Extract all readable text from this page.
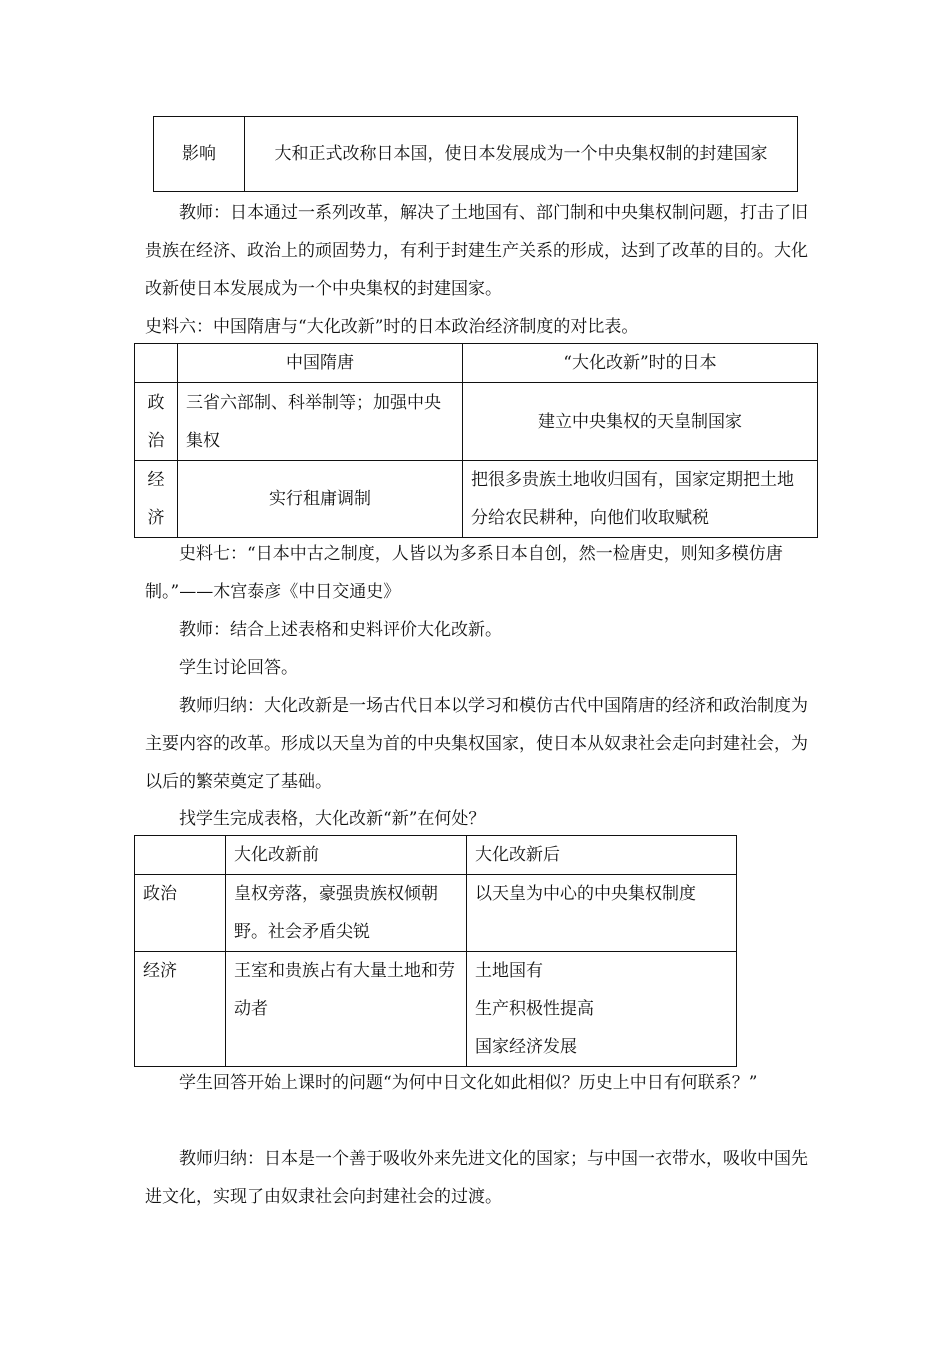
影响	大和正式改称日本国，使日本发展成为一个中央集权制的封建国家

教师：日本通过一系列改革，解决了土地国有、部门制和中央集权制问题，打击了旧贵族在经济、政治上的顽固势力，有利于封建生产关系的形成，达到了改革的目的。大化改新使日本发展成为一个中央集权的封建国家。

史料六：中国隋唐与“大化改新”时的日本政治经济制度的对比表。

	中国隋唐	“大化改新”时的日本
政治	三省六部制、科举制等；加强中央集权	建立中央集权的天皇制国家
经济	实行租庸调制	把很多贵族土地收归国有，国家定期把土地分给农民耕种，向他们收取赋税

史料七：“日本中古之制度，人皆以为多系日本自创，然一检唐史，则知多模仿唐制。”——木宫泰彦《中日交通史》

教师：结合上述表格和史料评价大化改新。

学生讨论回答。

教师归纳：大化改新是一场古代日本以学习和模仿古代中国隋唐的经济和政治制度为主要内容的改革。形成以天皇为首的中央集权国家，使日本从奴隶社会走向封建社会，为以后的繁荣奠定了基础。

找学生完成表格，大化改新“新”在何处？

	大化改新前	大化改新后
政治	皇权旁落，豪强贵族权倾朝野。社会矛盾尖锐	以天皇为中心的中央集权制度

经济	王室和贵族占有大量土地和劳动者	土地国有
生产积极性提高
国家经济发展

学生回答开始上课时的问题“为何中日文化如此相似？历史上中日有何联系？”

教师归纳：日本是一个善于吸收外来先进文化的国家；与中国一衣带水，吸收中国先进文化，实现了由奴隶社会向封建社会的过渡。
